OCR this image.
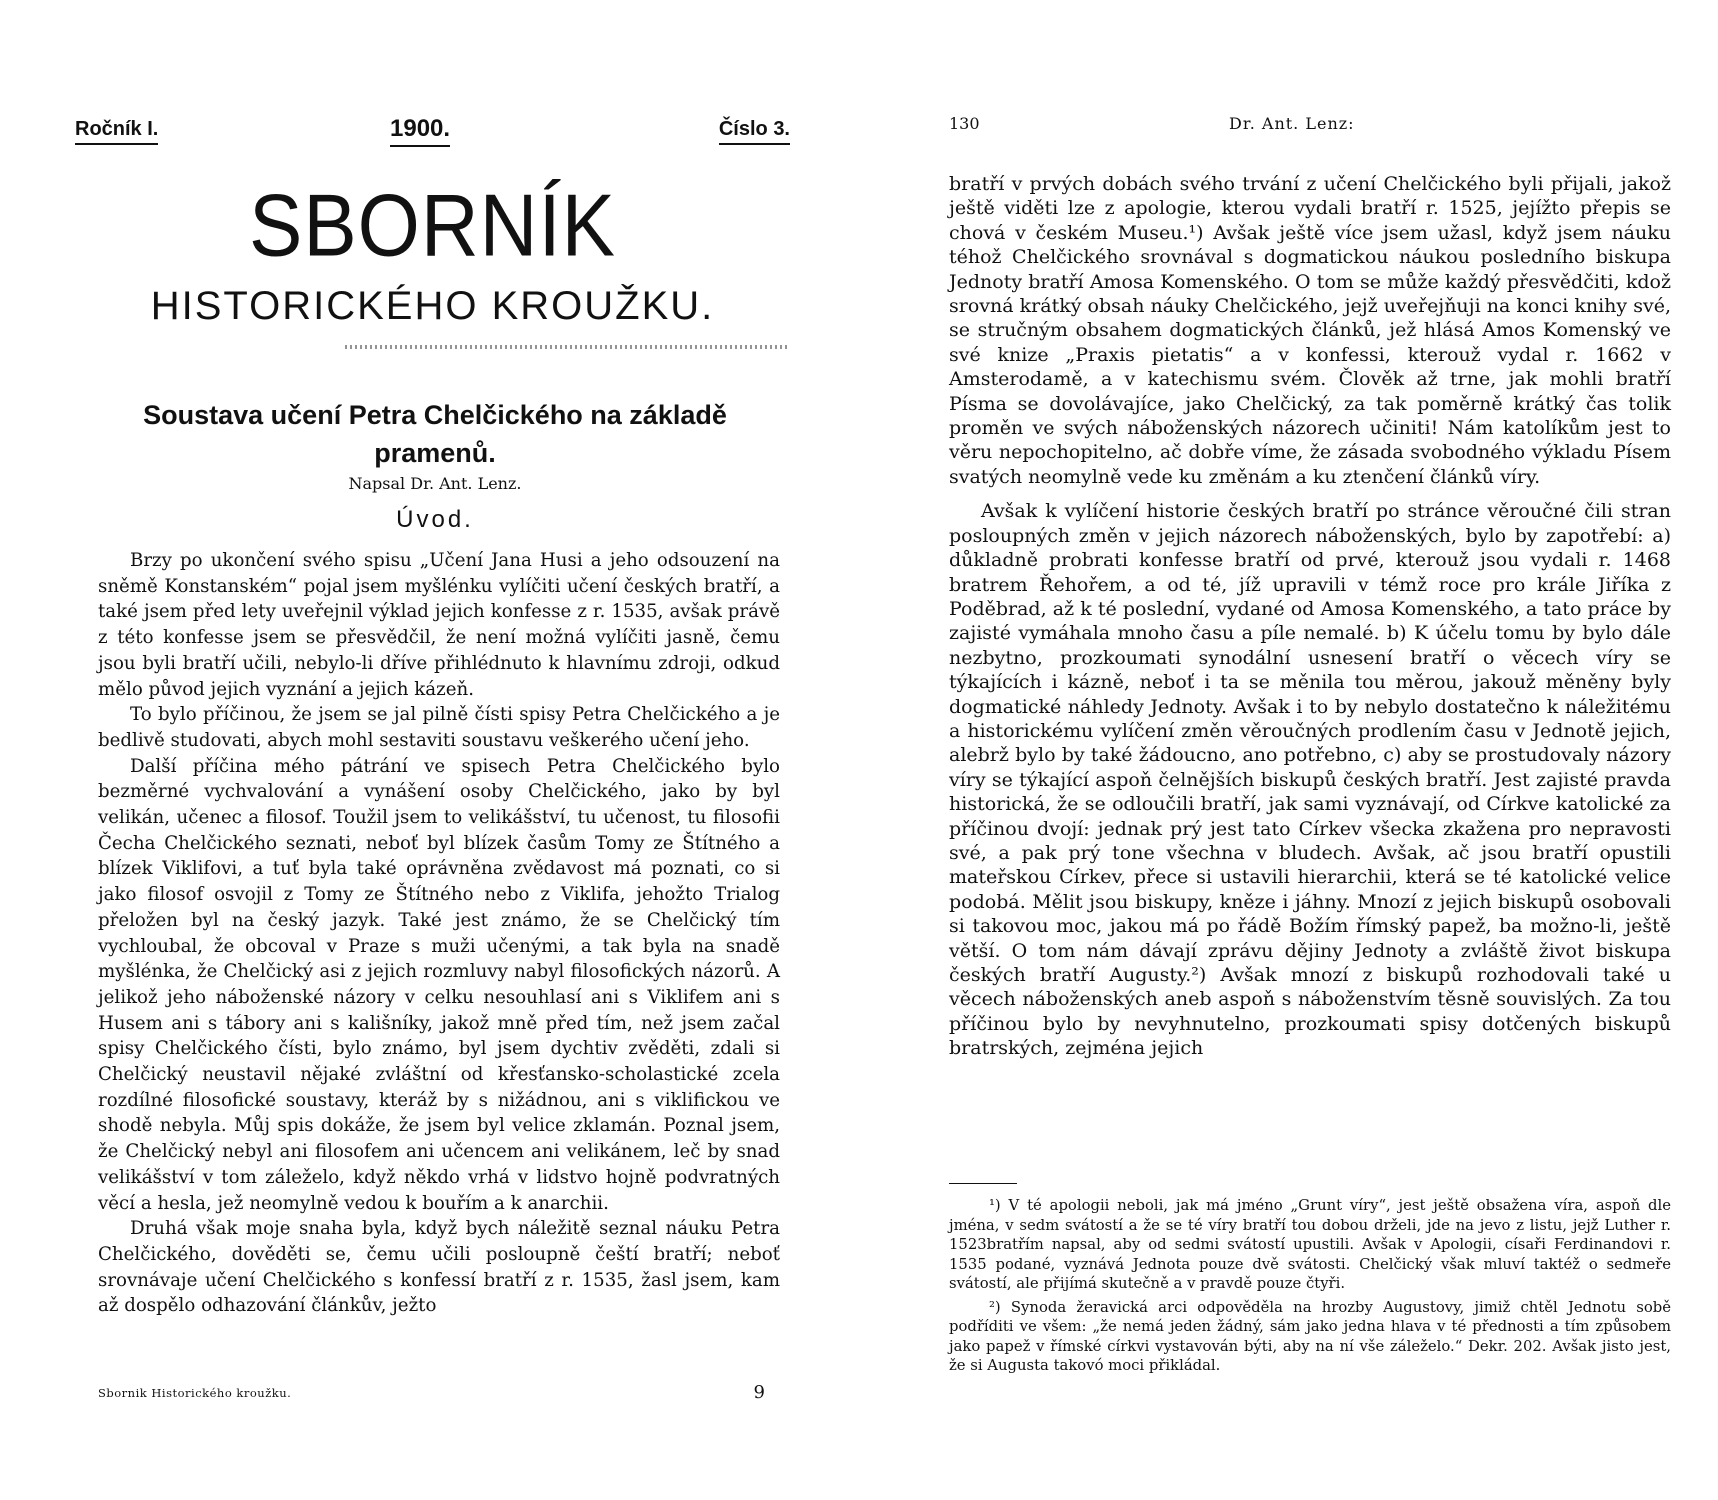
Ročník I.	1900.	Číslo 3.
SBORNÍK
HISTORICKÉHO KROUŽKU.
Soustava učení Petra Chelčického na základě pramenů.
Napsal Dr. Ant. Lenz.
Úvod.

Brzy po ukončení svého spisu „Učení Jana Husi a jeho odsouzení na sněmě Konstanském“ pojal jsem myšlénku vylíčiti učení českých bratří, a také jsem před lety uveřejnil výklad jejich konfesse z r. 1535, avšak právě z této konfesse jsem se přesvědčil, že není možná vylíčiti jasně, čemu jsou byli bratří učili, nebylo-li dříve přihlédnuto k hlavnímu zdroji, odkud mělo původ jejich vyznání a jejich kázeň.

To bylo příčinou, že jsem se jal pilně čísti spisy Petra Chelčického a je bedlivě studovati, abych mohl sestaviti soustavu veškerého učení jeho.

Další příčina mého pátrání ve spisech Petra Chelčického bylo bezměrné vychvalování a vynášení osoby Chelčického, jako by byl velikán, učenec a filosof. Toužil jsem to velikášství, tu učenost, tu filosofii Čecha Chelčického seznati, neboť byl blízek časům Tomy ze Štítného a blízek Viklifovi, a tuť byla také oprávněna zvědavost má poznati, co si jako filosof osvojil z Tomy ze Štítného nebo z Viklifa, jehožto Trialog přeložen byl na český jazyk. Také jest známo, že se Chelčický tím vychloubal, že obcoval v Praze s muži učenými, a tak byla na snadě myšlénka, že Chelčický asi z jejich rozmluvy nabyl filosofických názorů. A jelikož jeho náboženské názory v celku nesouhlasí ani s Viklifem ani s Husem ani s tábory ani s kališníky, jakož mně před tím, než jsem začal spisy Chelčického čísti, bylo známo, byl jsem dychtiv zvěděti, zdali si Chelčický neustavil nějaké zvláštní od křesťansko-scholastické zcela rozdílné filosofické soustavy, kteráž by s nižádnou, ani s viklifickou ve shodě nebyla. Můj spis dokáže, že jsem byl velice zklamán. Poznal jsem, že Chelčický nebyl ani filosofem ani učencem ani velikánem, leč by snad velikášství v tom záleželo, když někdo vrhá v lidstvo hojně podvratných věcí a hesla, jež neomylně vedou k bouřím a k anarchii.

Druhá však moje snaha byla, když bych náležitě seznal náuku Petra Chelčického, dověděti se, čemu učili posloupně čeští bratří; neboť srovnávaje učení Chelčického s konfessí bratří z r. 1535, žasl jsem, kam až dospělo odhazování článkův, ježto

Sbornik Historického kroužku.	9
130	Dr. Ant. Lenz:

bratří v prvých dobách svého trvání z učení Chelčického byli přijali, jakož ještě viděti lze z apologie, kterou vydali bratří r. 1525, jejížto přepis se chová v českém Museu.¹) Avšak ještě více jsem užasl, když jsem náuku téhož Chelčického srovnával s dogmatickou náukou posledního biskupa Jednoty bratří Amosa Komenského. O tom se může každý přesvědčiti, kdož srovná krátký obsah náuky Chelčického, jejž uveřejňuji na konci knihy své, se stručným obsahem dogmatických článků, jež hlásá Amos Komenský ve své knize „Praxis pietatis“ a v konfessi, kterouž vydal r. 1662 v Amsterodamě, a v katechismu svém. Člověk až trne, jak mohli bratří Písma se dovolávajíce, jako Chelčický, za tak poměrně krátký čas tolik proměn ve svých náboženských názorech učiniti! Nám katolíkům jest to věru nepochopitelno, ač dobře víme, že zásada svobodného výkladu Písem svatých neomylně vede ku změnám a ku ztenčení článků víry.

Avšak k vylíčení historie českých bratří po stránce věroučné čili stran posloupných změn v jejich názorech náboženských, bylo by zapotřebí: a) důkladně probrati konfesse bratří od prvé, kterouž jsou vydali r. 1468 bratrem Řehořem, a od té, jíž upravili v témž roce pro krále Jiříka z Poděbrad, až k té poslední, vydané od Amosa Komenského, a tato práce by zajisté vymáhala mnoho času a píle nemalé. b) K účelu tomu by bylo dále nezbytno, prozkoumati synodální usnesení bratří o věcech víry se týkajících i kázně, neboť i ta se měnila tou měrou, jakouž měněny byly dogmatické náhledy Jednoty. Avšak i to by nebylo dostatečno k náležitému a historickému vylíčení změn věroučných prodlením času v Jednotě jejich, alebrž bylo by také žádoucno, ano potřebno, c) aby se prostudovaly názory víry se týkající aspoň čelnějších biskupů českých bratří. Jest zajisté pravda historická, že se odloučili bratří, jak sami vyznávají, od Církve katolické za příčinou dvojí: jednak prý jest tato Církev všecka zkažena pro nepravosti své, a pak prý tone všechna v bludech. Avšak, ač jsou bratří opustili mateřskou Církev, přece si ustavili hierarchii, která se té katolické velice podobá. Mělit jsou biskupy, kněze i jáhny. Mnozí z jejich biskupů osobovali si takovou moc, jakou má po řádě Božím římský papež, ba možno-li, ještě větší. O tom nám dávají zprávu dějiny Jednoty a zvláště život biskupa českých bratří Augusty.²) Avšak mnozí z biskupů rozhodovali také u věcech náboženských aneb aspoň s náboženstvím těsně souvislých. Za tou příčinou bylo by nevyhnutelno, prozkoumati spisy dotčených biskupů bratrských, zejména jejich

¹) V té apologii neboli, jak má jméno „Grunt víry“, jest ještě obsažena víra, aspoň dle jména, v sedm svátostí a že se té víry bratří tou dobou drželi, jde na jevo z listu, jejž Luther r. 1523bratřím napsal, aby od sedmi svátostí upustili. Avšak v Apologii, císaři Ferdinandovi r. 1535 podané, vyznává Jednota pouze dvě svátosti. Chelčický však mluví taktéž o sedmeře svátostí, ale přijímá skutečně a v pravdě pouze čtyři.

²) Synoda žeravická arci odpověděla na hrozby Augustovy, jimiž chtěl Jednotu sobě podříditi ve všem: „že nemá jeden žádný, sám jako jedna hlava v té přednosti a tím způsobem jako papež v římské církvi vystavován býti, aby na ní vše záleželo.“ Dekr. 202. Avšak jisto jest, že si Augusta takovó moci přikládal.
